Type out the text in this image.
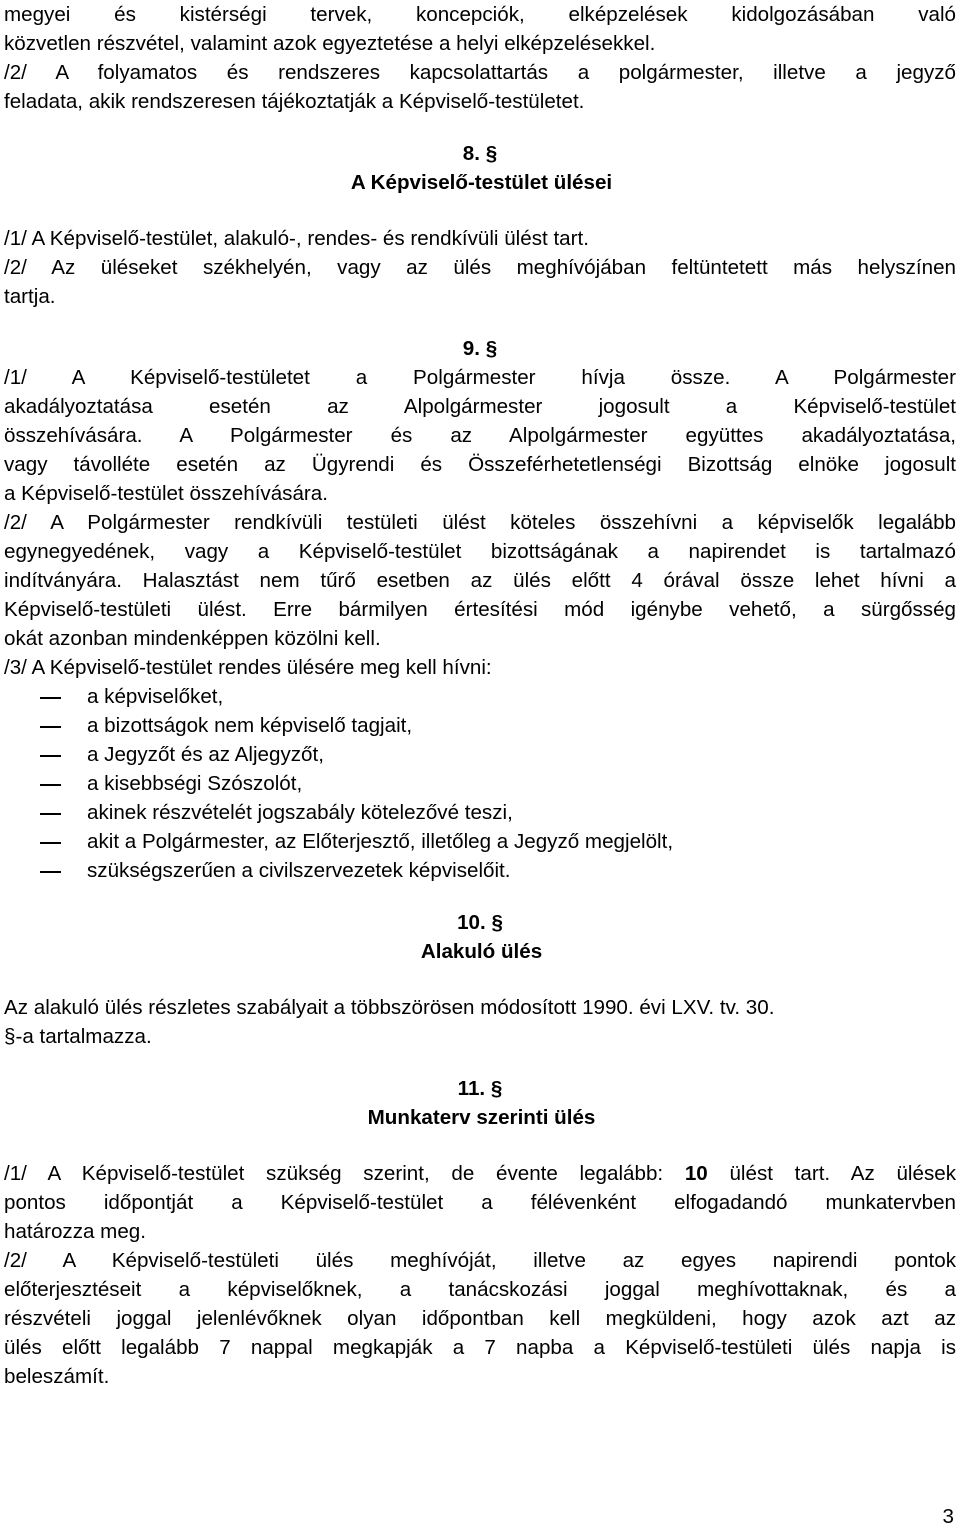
megyei és kistérségi tervek, koncepciók, elképzelések kidolgozásában való

közvetlen részvétel, valamint azok egyeztetése a helyi elképzelésekkel.

/2/ A folyamatos és rendszeres kapcsolattartás a polgármester, illetve a jegyző

feladata, akik rendszeresen tájékoztatják a Képviselő-testületet.

8. §

A Képviselő-testület ülései

/1/ A Képviselő-testület, alakuló-, rendes- és rendkívüli ülést tart.

/2/ Az üléseket székhelyén, vagy az ülés meghívójában feltüntetett más helyszínen

tartja.

9. §

/1/ A Képviselő-testületet a Polgármester hívja össze. A Polgármester

akadályoztatása esetén az Alpolgármester jogosult a Képviselő-testület

összehívására. A Polgármester és az Alpolgármester együttes akadályoztatása,

vagy távolléte esetén az Ügyrendi és Összeférhetetlenségi Bizottság elnöke jogosult

a Képviselő-testület összehívására.

/2/ A Polgármester rendkívüli testületi ülést köteles összehívni a képviselők legalább

egynegyedének, vagy a Képviselő-testület bizottságának a napirendet is tartalmazó

indítványára. Halasztást nem tűrő esetben az ülés előtt 4 órával össze lehet hívni a

Képviselő-testületi ülést. Erre bármilyen értesítési mód igénybe vehető, a sürgősség

okát azonban mindenképpen közölni kell.

/3/ A Képviselő-testület rendes ülésére meg kell hívni:

a képviselőket,
a bizottságok nem képviselő tagjait,
a Jegyzőt és az Aljegyzőt,
a kisebbségi Szószolót,
akinek részvételét jogszabály kötelezővé teszi,
akit a Polgármester, az Előterjesztő, illetőleg a Jegyző megjelölt,
szükségszerűen a civilszervezetek képviselőit.

10. §

Alakuló ülés

Az alakuló ülés részletes szabályait a többszörösen módosított 1990. évi LXV. tv. 30.

§-a tartalmazza.

11. §

Munkaterv szerinti ülés

/1/ A Képviselő-testület szükség szerint, de évente legalább: 10 ülést tart. Az ülések

pontos időpontját a Képviselő-testület a félévenként elfogadandó munkatervben

határozza meg.

/2/ A Képviselő-testületi ülés meghívóját, illetve az egyes napirendi pontok

előterjesztéseit a képviselőknek, a tanácskozási joggal meghívottaknak, és a

részvételi joggal jelenlévőknek olyan időpontban kell megküldeni, hogy azok azt az

ülés előtt legalább 7 nappal megkapják a 7 napba a Képviselő-testületi ülés napja is

beleszámít.

3
